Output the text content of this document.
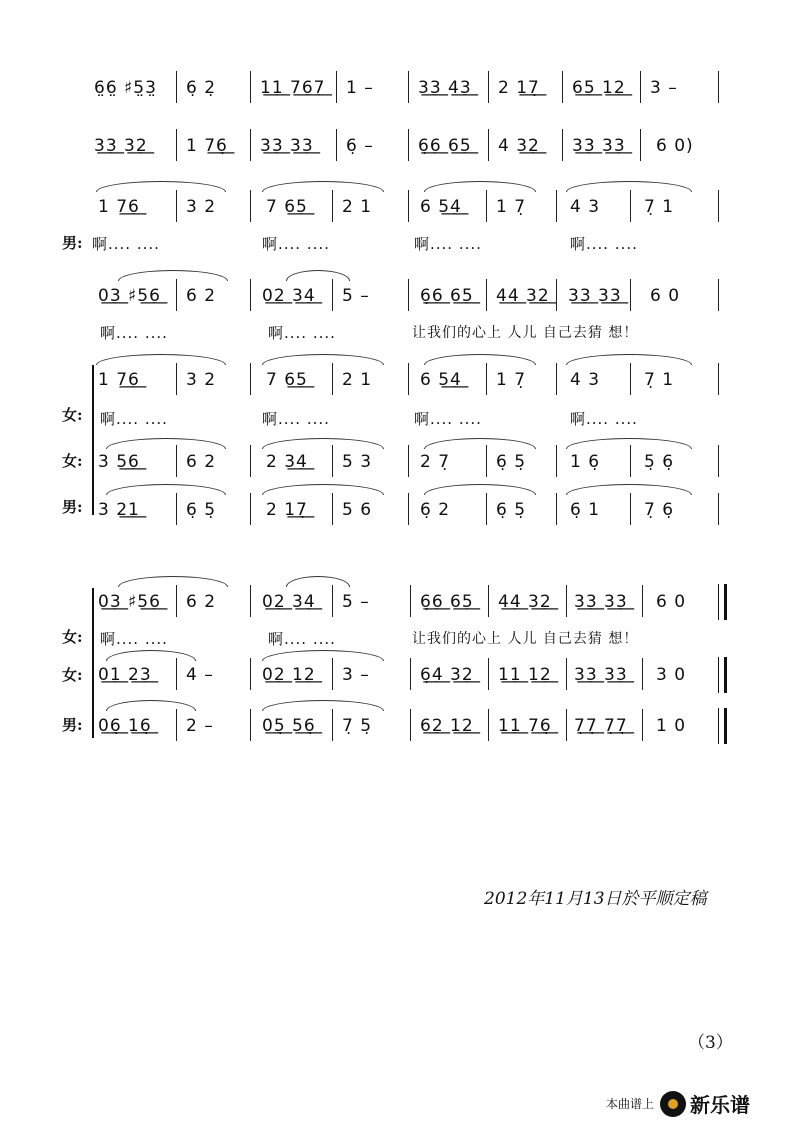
6̤6̤ ♯5̤3̤ 6̣ 2̣	1͟1͟ 7͟6͟7͟ 1 –	3͟3͟ 4͟3͟ 2 1͟7̣͟ 6͟5͟ 1͟2͟ 3 –
3͟3͟ 3͟2͟ 1 7͟6̣͟ 3͟3͟ 3͟3͟ 6̣ –	6̣͟6͟ 6͟5͟ 4 3͟2͟ 3͟3͟ 3͟3͟ 6 0)
1 7͟6͟	3 2	7 6͟5͟ 2 1	6 5͟4͟ 1 7̣	4 3	7̣ 1
男: 啊.... ....	啊.... ....	啊.... ....	啊.... ....
0͟3͟ ♯5͟6͟ 6 2	0͟2͟ 3͟4͟ 5 –	6̣͟6͟ 6͟5͟ 4͟4͟ 3͟2͟ 3͟3͟ 3͟3͟ 6 0
啊.... ....	啊.... ....	让我们的心上 人儿 自己去猜 想！
1 7͟6͟	3 2	7 6͟5͟ 2 1	6 5͟4͟ 1 7̣	4 3	7̣ 1
女: 啊.... ....	啊.... ....	啊.... ....	啊.... ....
女: 3 5͟6͟	6 2	2 3͟4͟ 5 3	2 7̣	6̣ 5̣	1 6̣	5̣ 6̣
男: 3 2͟1͟	6̣ 5̣	2 1͟7̣͟ 5 6	6̣ 2	6̣ 5̣	6̣ 1	7̣ 6̣
0͟3͟ ♯5͟6͟ 6 2	0͟2͟ 3͟4͟ 5 –	6̣͟6͟ 6͟5͟ 4͟4͟ 3͟2͟ 3͟3͟ 3͟3͟ 6 0
女: 啊.... ....	啊.... ....	让我们的心上 人儿 自己去猜 想！
女: 0͟1͟ 2͟3͟ 4 –	0͟2͟ 1͟2͟ 3 –	6̣͟4͟ 3͟2͟ 1͟1͟ 1͟2͟ 3͟3͟ 3͟3͟ 3 0
男: 0͟6̣͟ 1͟6̣͟ 2 –	0͟5̣͟ 5͟6̣͟ 7̣ 5̣	6͟2͟ 1͟2͟ 1͟1͟ 7͟6̣͟ 7̣͟7̣͟ 7̣͟7̣͟ 1 0
2012年11月13日於平顺定稿
（3）
本曲谱上 新乐谱
